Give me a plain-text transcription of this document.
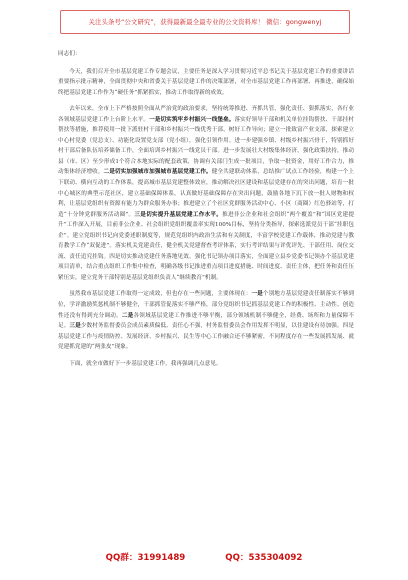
关注头条号“公文研究”，获得最新最全最专业的公文资料库！ 微信：gongwenyj

同志们：

今天，我们召开全市基层党建工作专题会议，主要任务是深入学习贯彻习近平总书记关于基层党建工作的重要讲话重要指示批示精神，全面贯彻中央和省委关于基层党建工作的决策部署，对全市基层党建工作再部署、再推进，确保始终把基层党建工作作为“硬任务”抓紧抓实，推动工作取得新的成效。

去年以来，全市上下严格按照全面从严治党的政治要求，坚持统筹推进、齐抓共管，强化责任、狠抓落实，各行业各领域基层党建工作上台阶上水平。一是切实筑牢乡村振兴一线堡垒。落实好领导干部和机关单位挂钩帮扶、干部挂村帮扶等措施，推荐使用一批下派驻村干部和乡村振兴一线优秀干部，树好工作导向；建立一批致富产业支部，探索建立中心村党委（党总支）、功能化设置党支部（党小组），强化引领作用。进一步建强乡镇、村级乡村振兴骨干，特别抓好村干部后备队伍培养储备工作，全面培训乡村振兴一线党员干部。进一步发展壮大村级集体经济，强化政策扶持，推动县（市、区）至少形成1个符合本地实际的配套政策，协调有关部门生成一批项目，争取一批资金，用好工作合力，推动集体经济增收。二是切实加强城市加强城市基层党建工作。健全共建联动体系，总结推广试点工作经验，构建一个上下联动、横向互动的工作体系，提高城市基层党建整体效应，推动解决社区建设和基层党建存在的突出问题，培育一批中心城区的典型示范社区，建立基础保障体系，认真做好基础保障存在突出问题，鼓励各地下沉下放一批人财物和权利，让基层党组织有资源有能力为群众服务办事；推进建立了个社区党群服务活动中心、小区（商圈）红色驿站等，打造“十分钟党群服务活动圈”。三是切实提升基层党建工作水平。推进非公企业和社会组织“两个覆盖”和“国区党建提升”工作深入开展，目前非公企业、社会组织党组织覆盖率实现100%目标，坚持分类指导，探索选派党员干部“挂职包企”。建立党组织书记向党委述职制度等，规范党组织内政治生活和有关制度，丰富学校党建工作载体，推动党建与教育教学工作“双促进”。落实机关党建责任，健全机关党建督查考评体系，实行考评结果与评优评先、干部任用、岗位交流、责任追究挂钩。四是切实推动党建任务落地见效。强化书记领办项目落实，全面建立县乡党委书记领办个基层党建项目清单，结合重点组织工作集中检查，明确各级书记推进重点项目进度措施、时间进度、责任主体，把任务和责任压紧压实。建立党务干部特别是基层党组织负责人“继续教育”机制。

虽然我市基层党建工作取得一定成效，但也存在一些问题，主要体现在：一是个别地方基层党建责任制落实不够到位，学评激励奖惩机制不够健全，干部抓管促落实不够严格，部分党组织书记抓基层党建工作的积极性、主动性、创造性还没有得到充分调动。二是各领域基层党建工作推进不够平衡，部分领域机制不够健全，经费、场所和力量保障不足。三是少数村务监督委员会成员素质偏低、责任心不强，村务监督委员会作用发挥不明显，以住建设有待加强。四是基层党建工作与疫情防控、发展经济、乡村振兴、民生等中心工作融合还不够紧密，不同程度存在一些发展抓发展、就党建抓党建的“两张皮”现象。

下面，就全市做好下一步基层党建工作，我再强调几点意见。

QQ群：31991489	QQ：535304092
